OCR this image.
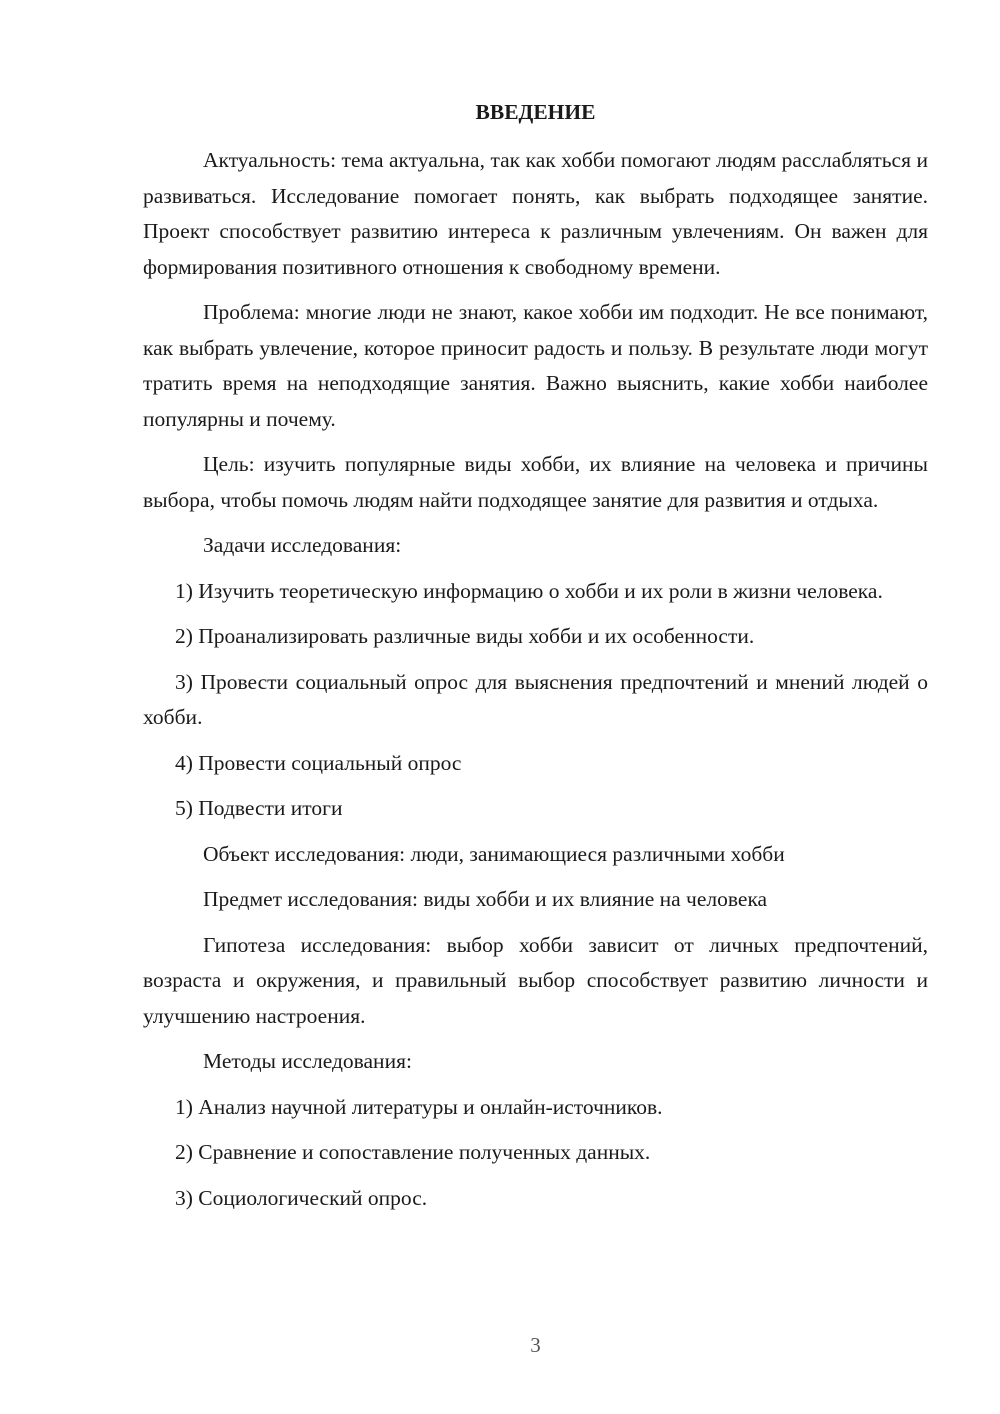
ВВЕДЕНИЕ

Актуальность: тема актуальна, так как хобби помогают людям расслабляться и развиваться. Исследование помогает понять, как выбрать подходящее занятие. Проект способствует развитию интереса к различным увлечениям. Он важен для формирования позитивного отношения к свободному времени.

Проблема: многие люди не знают, какое хобби им подходит. Не все понимают, как выбрать увлечение, которое приносит радость и пользу. В результате люди могут тратить время на неподходящие занятия. Важно выяснить, какие хобби наиболее популярны и почему.

Цель: изучить популярные виды хобби, их влияние на человека и причины выбора, чтобы помочь людям найти подходящее занятие для развития и отдыха.

Задачи исследования:

1) Изучить теоретическую информацию о хобби и их роли в жизни человека.

2) Проанализировать различные виды хобби и их особенности.

3) Провести социальный опрос для выяснения предпочтений и мнений людей о хобби.

4) Провести социальный опрос

5) Подвести итоги

Объект исследования: люди, занимающиеся различными хобби

Предмет исследования: виды хобби и их влияние на человека

Гипотеза исследования: выбор хобби зависит от личных предпочтений, возраста и окружения, и правильный выбор способствует развитию личности и улучшению настроения.

Методы исследования:

1) Анализ научной литературы и онлайн-источников.

2) Сравнение и сопоставление полученных данных.

3) Социологический опрос.

3
